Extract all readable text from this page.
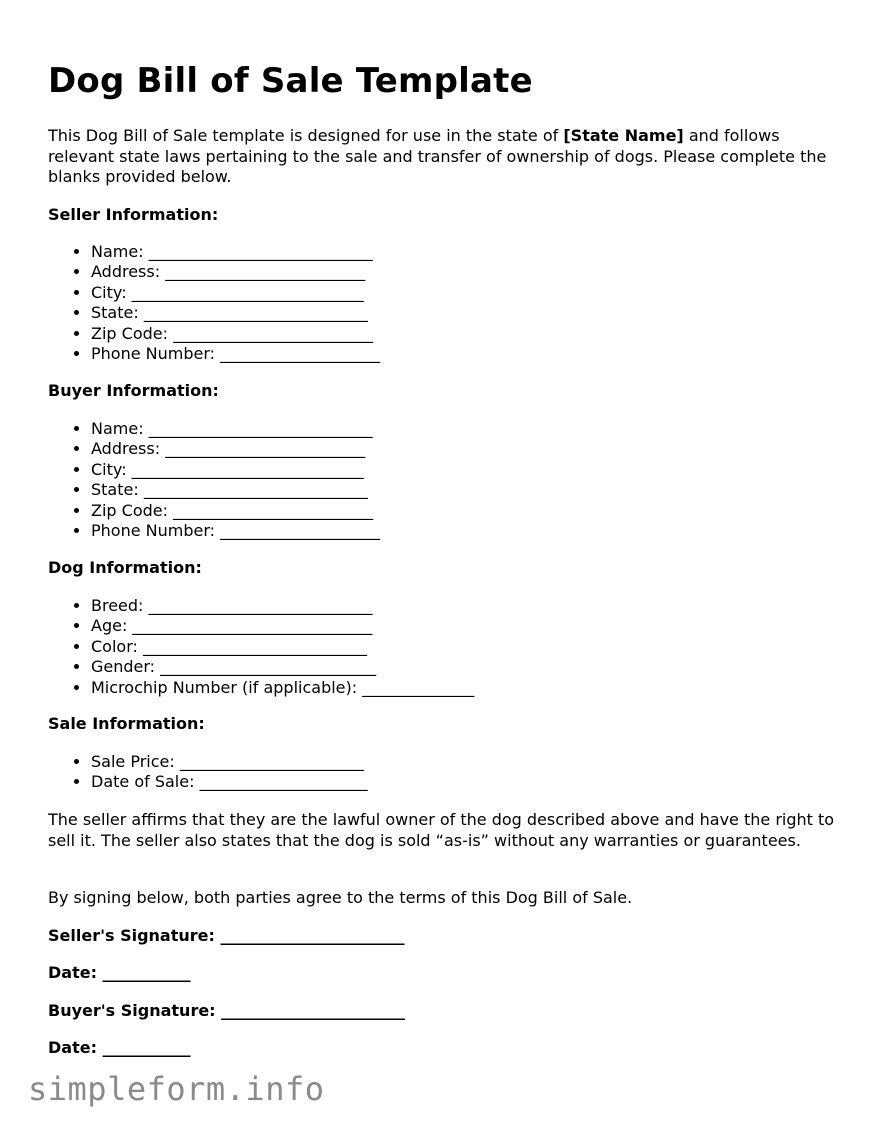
Dog Bill of Sale Template

This Dog Bill of Sale template is designed for use in the state of [State Name] and follows relevant state laws pertaining to the sale and transfer of ownership of dogs. Please complete the blanks provided below.

Seller Information:
• Name: ____________________________
• Address: _________________________
• City: _____________________________
• State: ____________________________
• Zip Code: _________________________
• Phone Number: ____________________
Buyer Information:
• Name: ____________________________
• Address: _________________________
• City: _____________________________
• State: ____________________________
• Zip Code: _________________________
• Phone Number: ____________________
Dog Information:
• Breed: ____________________________
• Age: ______________________________
• Color: ____________________________
• Gender: ___________________________
• Microchip Number (if applicable): ______________
Sale Information:
• Sale Price: _______________________
• Date of Sale: _____________________

The seller affirms that they are the lawful owner of the dog described above and have the right to sell it. The seller also states that the dog is sold “as-is” without any warranties or guarantees.

By signing below, both parties agree to the terms of this Dog Bill of Sale.

Seller's Signature: _______________________
Date: ___________
Buyer's Signature: _______________________
Date: ___________
simpleform.info
